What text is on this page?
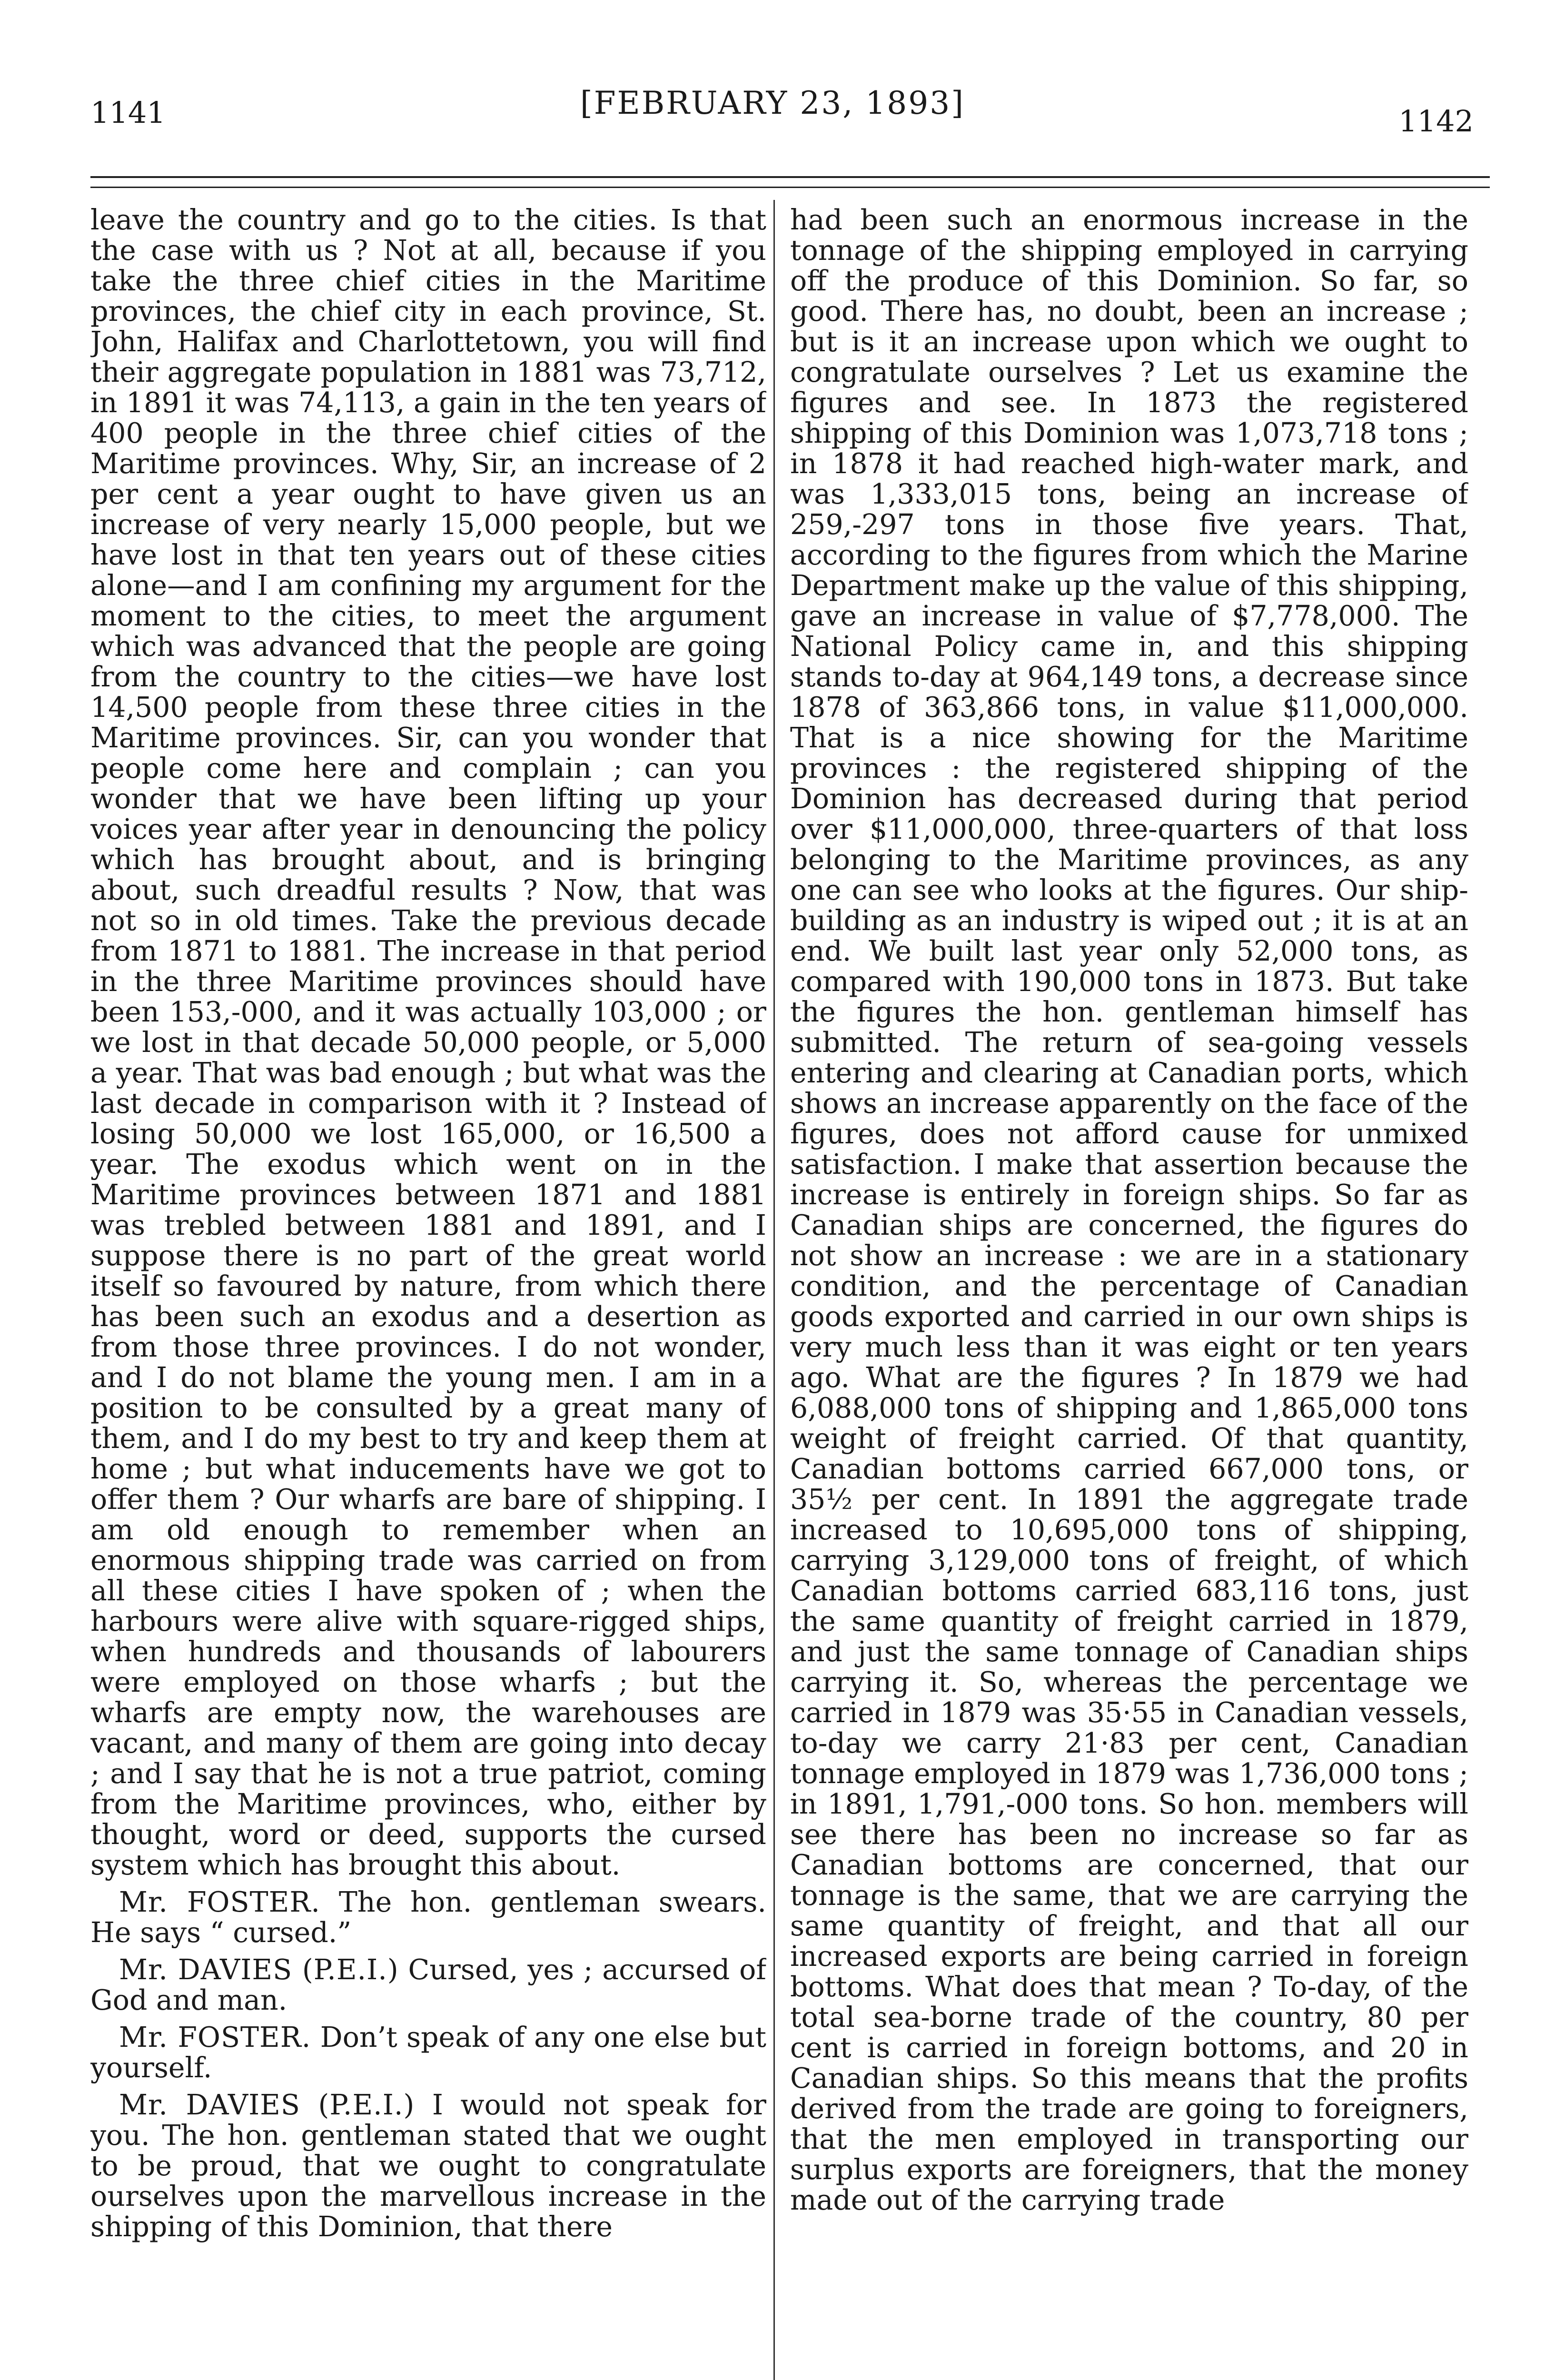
1141	[FEBRUARY 23, 1893]	1142

leave the country and go to the cities. Is that the case with us ? Not at all, because if you take the three chief cities in the Maritime provinces, the chief city in each province, St. John, Halifax and Charlottetown, you will find their aggregate population in 1881 was 73,712, in 1891 it was 74,113, a gain in the ten years of 400 people in the three chief cities of the Maritime provinces. Why, Sir, an increase of 2 per cent a year ought to have given us an increase of very nearly 15,000 people, but we have lost in that ten years out of these cities alone—and I am confining my argument for the moment to the cities, to meet the argument which was advanced that the people are going from the country to the cities—we have lost 14,500 people from these three cities in the Maritime provinces. Sir, can you wonder that people come here and complain ; can you wonder that we have been lifting up your voices year after year in denouncing the policy which has brought about, and is bringing about, such dreadful results ? Now, that was not so in old times. Take the previous decade from 1871 to 1881. The increase in that period in the three Maritime provinces should have been 153,-000, and it was actually 103,000 ; or we lost in that decade 50,000 people, or 5,000 a year. That was bad enough ; but what was the last decade in comparison with it ? Instead of losing 50,000 we lost 165,000, or 16,500 a year. The exodus which went on in the Maritime provinces between 1871 and 1881 was trebled between 1881 and 1891, and I suppose there is no part of the great world itself so favoured by nature, from which there has been such an exodus and a desertion as from those three provinces. I do not wonder, and I do not blame the young men. I am in a position to be consulted by a great many of them, and I do my best to try and keep them at home ; but what inducements have we got to offer them ? Our wharfs are bare of shipping. I am old enough to remember when an enormous shipping trade was carried on from all these cities I have spoken of ; when the harbours were alive with square-rigged ships, when hundreds and thousands of labourers were employed on those wharfs ; but the wharfs are empty now, the warehouses are vacant, and many of them are going into decay ; and I say that he is not a true patriot, coming from the Maritime provinces, who, either by thought, word or deed, supports the cursed system which has brought this about.

Mr. FOSTER. The hon. gentleman swears. He says “ cursed.”

Mr. DAVIES (P.E.I.) Cursed, yes ; accursed of God and man.

Mr. FOSTER. Don’t speak of any one else but yourself.

Mr. DAVIES (P.E.I.) I would not speak for you. The hon. gentleman stated that we ought to be proud, that we ought to congratulate ourselves upon the marvellous increase in the shipping of this Dominion, that there

had been such an enormous increase in the tonnage of the shipping employed in carrying off the produce of this Dominion. So far, so good. There has, no doubt, been an increase ; but is it an increase upon which we ought to congratulate ourselves ? Let us examine the figures and see. In 1873 the registered shipping of this Dominion was 1,073,718 tons ; in 1878 it had reached high-water mark, and was 1,333,015 tons, being an increase of 259,-297 tons in those five years. That, according to the figures from which the Marine Department make up the value of this shipping, gave an increase in value of $7,778,000. The National Policy came in, and this shipping stands to-day at 964,149 tons, a decrease since 1878 of 363,866 tons, in value $11,000,000. That is a nice showing for the Maritime provinces : the registered shipping of the Dominion has decreased during that period over $11,000,000, three-quarters of that loss belonging to the Maritime provinces, as any one can see who looks at the figures. Our ship-building as an industry is wiped out ; it is at an end. We built last year only 52,000 tons, as compared with 190,000 tons in 1873. But take the figures the hon. gentleman himself has submitted. The return of sea-going vessels entering and clearing at Canadian ports, which shows an increase apparently on the face of the figures, does not afford cause for unmixed satisfaction. I make that assertion because the increase is entirely in foreign ships. So far as Canadian ships are concerned, the figures do not show an increase : we are in a stationary condition, and the percentage of Canadian goods exported and carried in our own ships is very much less than it was eight or ten years ago. What are the figures ? In 1879 we had 6,088,000 tons of shipping and 1,865,000 tons weight of freight carried. Of that quantity, Canadian bottoms carried 667,000 tons, or 35½ per cent. In 1891 the aggregate trade increased to 10,695,000 tons of shipping, carrying 3,129,000 tons of freight, of which Canadian bottoms carried 683,116 tons, just the same quantity of freight carried in 1879, and just the same tonnage of Canadian ships carrying it. So, whereas the percentage we carried in 1879 was 35·55 in Canadian vessels, to-day we carry 21·83 per cent, Canadian tonnage employed in 1879 was 1,736,000 tons ; in 1891, 1,791,-000 tons. So hon. members will see there has been no increase so far as Canadian bottoms are concerned, that our tonnage is the same, that we are carrying the same quantity of freight, and that all our increased exports are being carried in foreign bottoms. What does that mean ? To-day, of the total sea-borne trade of the country, 80 per cent is carried in foreign bottoms, and 20 in Canadian ships. So this means that the profits derived from the trade are going to foreigners, that the men employed in transporting our surplus exports are foreigners, that the money made out of the carrying trade
